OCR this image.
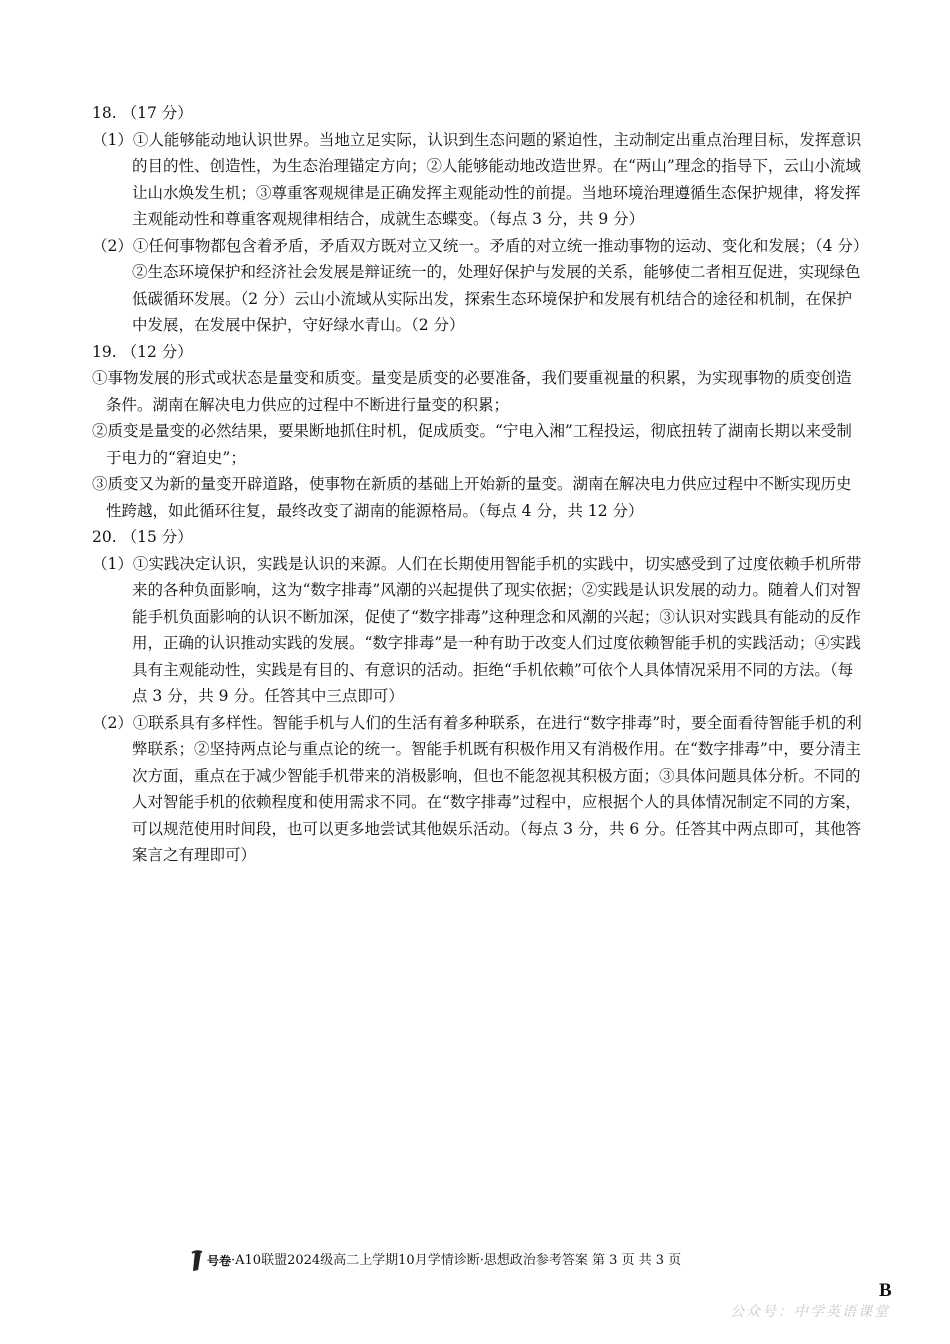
18. （17 分）

（1）①人能够能动地认识世界。当地立足实际，认识到生态问题的紧迫性，主动制定出重点治理目标，发挥意识的目的性、创造性，为生态治理锚定方向；②人能够能动地改造世界。在“两山”理念的指导下，云山小流域让山水焕发生机；③尊重客观规律是正确发挥主观能动性的前提。当地环境治理遵循生态保护规律，将发挥主观能动性和尊重客观规律相结合，成就生态蝶变。（每点 3 分，共 9 分）

（2）①任何事物都包含着矛盾，矛盾双方既对立又统一。矛盾的对立统一推动事物的运动、变化和发展；（4 分）②生态环境保护和经济社会发展是辩证统一的，处理好保护与发展的关系，能够使二者相互促进，实现绿色低碳循环发展。（2 分）云山小流域从实际出发，探索生态环境保护和发展有机结合的途径和机制，在保护中发展，在发展中保护，守好绿水青山。（2 分）

19. （12 分）

①事物发展的形式或状态是量变和质变。量变是质变的必要准备，我们要重视量的积累，为实现事物的质变创造条件。湖南在解决电力供应的过程中不断进行量变的积累；

②质变是量变的必然结果，要果断地抓住时机，促成质变。“宁电入湘”工程投运，彻底扭转了湖南长期以来受制于电力的“窘迫史”；

③质变又为新的量变开辟道路，使事物在新质的基础上开始新的量变。湖南在解决电力供应过程中不断实现历史性跨越，如此循环往复，最终改变了湖南的能源格局。（每点 4 分，共 12 分）

20. （15 分）

（1）①实践决定认识，实践是认识的来源。人们在长期使用智能手机的实践中，切实感受到了过度依赖手机所带来的各种负面影响，这为“数字排毒”风潮的兴起提供了现实依据；②实践是认识发展的动力。随着人们对智能手机负面影响的认识不断加深，促使了“数字排毒”这种理念和风潮的兴起；③认识对实践具有能动的反作用，正确的认识推动实践的发展。“数字排毒”是一种有助于改变人们过度依赖智能手机的实践活动；④实践具有主观能动性，实践是有目的、有意识的活动。拒绝“手机依赖”可依个人具体情况采用不同的方法。（每点 3 分，共 9 分。任答其中三点即可）

（2）①联系具有多样性。智能手机与人们的生活有着多种联系，在进行“数字排毒”时，要全面看待智能手机的利弊联系；②坚持两点论与重点论的统一。智能手机既有积极作用又有消极作用。在“数字排毒”中，要分清主次方面，重点在于减少智能手机带来的消极影响，但也不能忽视其积极方面；③具体问题具体分析。不同的人对智能手机的依赖程度和使用需求不同。在“数字排毒”过程中，应根据个人的具体情况制定不同的方案，可以规范使用时间段，也可以更多地尝试其他娱乐活动。（每点 3 分，共 6 分。任答其中两点即可，其他答案言之有理即可）

号卷 ·A10联盟2024级高二上学期10月学情诊断·思想政治参考答案 第 3 页 共 3 页
B
公众号：中学英语课堂
